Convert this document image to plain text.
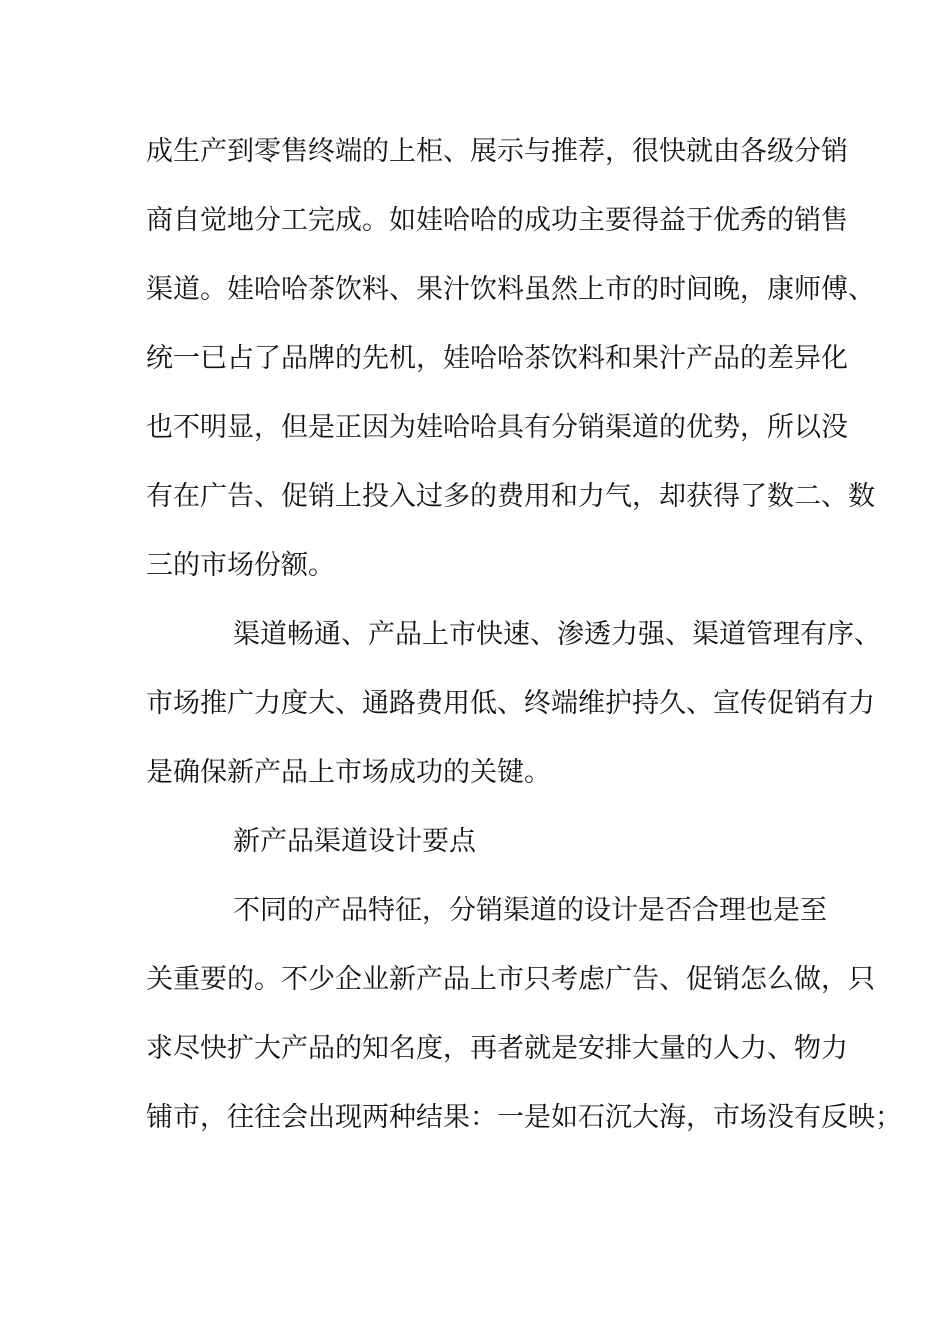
成生产到零售终端的上柜、展示与推荐，很快就由各级分销
商自觉地分工完成。如娃哈哈的成功主要得益于优秀的销售
渠道。娃哈哈茶饮料、果汁饮料虽然上市的时间晚，康师傅、
统一已占了品牌的先机，娃哈哈茶饮料和果汁产品的差异化
也不明显，但是正因为娃哈哈具有分销渠道的优势，所以没
有在广告、促销上投入过多的费用和力气，却获得了数二、数
三的市场份额。
渠道畅通、产品上市快速、渗透力强、渠道管理有序、
市场推广力度大、通路费用低、终端维护持久、宣传促销有力
是确保新产品上市场成功的关键。
新产品渠道设计要点
不同的产品特征，分销渠道的设计是否合理也是至
关重要的。不少企业新产品上市只考虑广告、促销怎么做，只
求尽快扩大产品的知名度，再者就是安排大量的人力、物力
铺市，往往会出现两种结果：一是如石沉大海，市场没有反映；
